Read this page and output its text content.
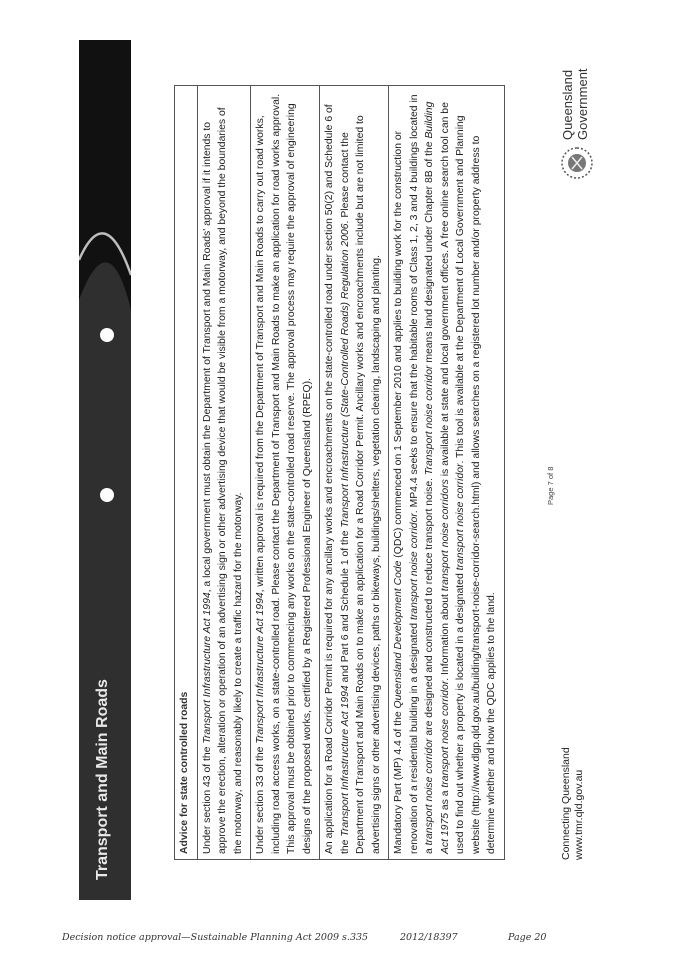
Transport and Main Roads	Advice for state controlled roads

Under section 43 of the Transport Infrastructure Act 1994, a local government must obtain the Department of Transport and Main Roads' approval if it intends to approve the erection, alteration or operation of an advertising sign or other advertising device that would be visible from a motorway, and beyond the boundaries of the motorway, and reasonably likely to create a traffic hazard for the motorway.

Under section 33 of the Transport Infrastructure Act 1994, written approval is required from the Department of Transport and Main Roads to carry out road works, including road access works, on a state-controlled road. Please contact the Department of Transport and Main Roads to make an application for road works approval. This approval must be obtained prior to commencing any works on the state-controlled road reserve. The approval process may require the approval of engineering designs of the proposed works, certified by a Registered Professional Engineer of Queensland (RPEQ).

An application for a Road Corridor Permit is required for any ancillary works and encroachments on the state-controlled road under section 50(2) and Schedule 6 of the Transport Infrastructure Act 1994 and Part 6 and Schedule 1 of the Transport Infrastructure (State-Controlled Roads) Regulation 2006. Please contact the Department of Transport and Main Roads on to make an application for a Road Corridor Permit. Ancillary works and encroachments include but are not limited to advertising signs or other advertising devices, paths or bikeways, buildings/shelters, vegetation clearing, landscaping and planting.

Mandatory Part (MP) 4.4 of the Queensland Development Code (QDC) commenced on 1 September 2010 and applies to building work for the construction or renovation of a residential building in a designated transport noise corridor. MP4.4 seeks to ensure that the habitable rooms of Class 1, 2, 3 and 4 buildings located in a transport noise corridor are designed and constructed to reduce transport noise. Transport noise corridor means land designated under Chapter 8B of the Building Act 1975 as a transport noise corridor. Information about transport noise corridors is available at state and local government offices. A free online search tool can be used to find out whether a property is located in a designated transport noise corridor. This tool is available at the Department of Local Government and Planning website (http://www.dlgp.qld.gov.au/building/transport-noise-corridor-search.html) and allows searches on a registered lot number and/or property address to determine whether and how the QDC applies to the land.

Page 7 of 8
Connecting Queensland www.tmr.qld.gov.au
Queensland Government
Decision notice approval—Sustainable Planning Act 2009 s.335	2012/18397	Page 20
